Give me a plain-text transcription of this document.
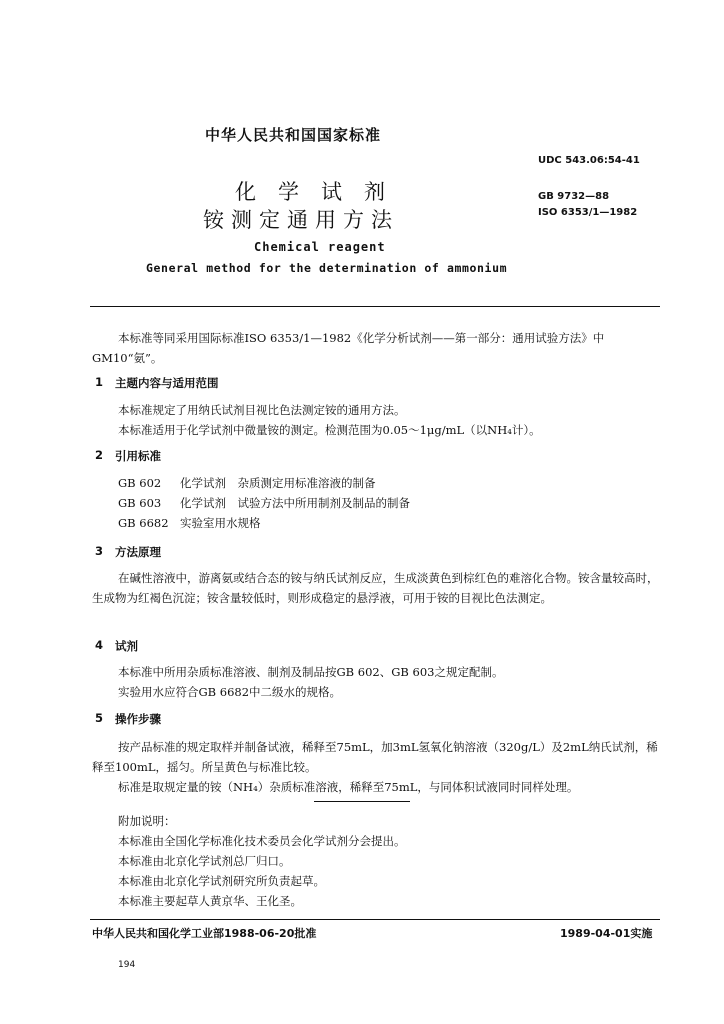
中华人民共和国国家标准
UDC 543.06:54-41
化学试剂	GB 9732—88
ISO 6353/1—1982
铵测定通用方法
Chemical reagent
General method for the determination of ammonium
本标准等同采用国际标准ISO 6353/1—1982《化学分析试剂——第一部分：通用试验方法》中GM10“氨”。
1 主题内容与适用范围
本标准规定了用纳氏试剂目视比色法测定铵的通用方法。
本标准适用于化学试剂中微量铵的测定。检测范围为0.05～1μg/mL（以NH₄计）。
2 引用标准
GB 602 化学试剂　杂质测定用标准溶液的制备
GB 603 化学试剂　试验方法中所用制剂及制品的制备
GB 6682 实验室用水规格
3 方法原理
在碱性溶液中，游离氨或结合态的铵与纳氏试剂反应，生成淡黄色到棕红色的难溶化合物。铵含量较高时，生成物为红褐色沉淀；铵含量较低时，则形成稳定的悬浮液，可用于铵的目视比色法测定。
4 试剂
本标准中所用杂质标准溶液、制剂及制品按GB 602、GB 603之规定配制。
实验用水应符合GB 6682中二级水的规格。
5 操作步骤
按产品标准的规定取样并制备试液，稀释至75mL，加3mL氢氧化钠溶液（320g/L）及2mL纳氏试剂，稀释至100mL，摇匀。所呈黄色与标准比较。
标准是取规定量的铵（NH₄）杂质标准溶液，稀释至75mL，与同体积试液同时同样处理。
附加说明：
本标准由全国化学标准化技术委员会化学试剂分会提出。
本标准由北京化学试剂总厂归口。
本标准由北京化学试剂研究所负责起草。
本标准主要起草人黄京华、王化圣。
中华人民共和国化学工业部1988-06-20批准	1989-04-01实施
194
